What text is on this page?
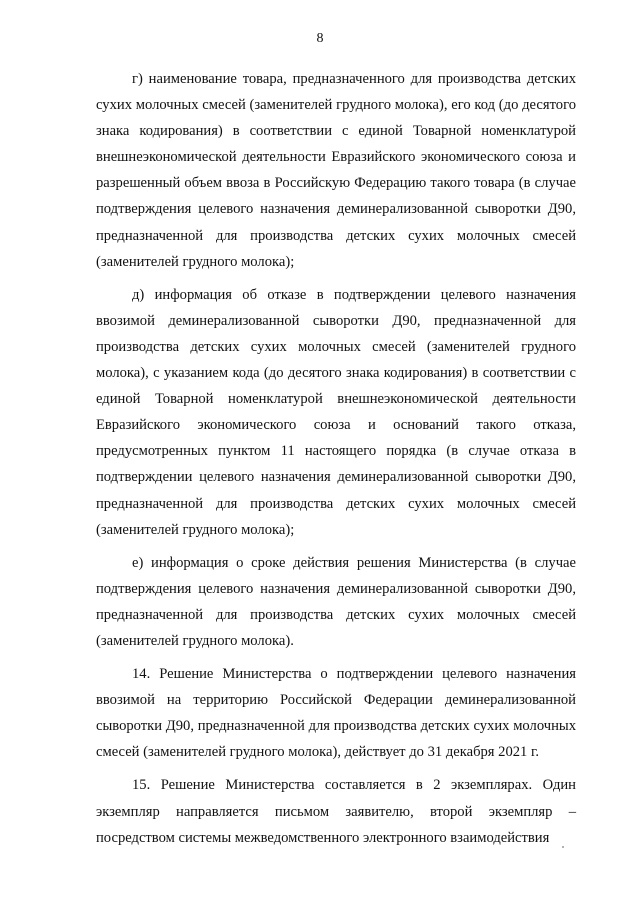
8

г) наименование товара, предназначенного для производства детских сухих молочных смесей (заменителей грудного молока), его код (до десятого знака кодирования) в соответствии с единой Товарной номенклатурой внешнеэкономической деятельности Евразийского экономического союза и разрешенный объем ввоза в Российскую Федерацию такого товара (в случае подтверждения целевого назначения деминерализованной сыворотки Д90, предназначенной для производства детских сухих молочных смесей (заменителей грудного молока);

д) информация об отказе в подтверждении целевого назначения ввозимой деминерализованной сыворотки Д90, предназначенной для производства детских сухих молочных смесей (заменителей грудного молока), с указанием кода (до десятого знака кодирования) в соответствии с единой Товарной номенклатурой внешнеэкономической деятельности Евразийского экономического союза и оснований такого отказа, предусмотренных пунктом 11 настоящего порядка (в случае отказа в подтверждении целевого назначения деминерализованной сыворотки Д90, предназначенной для производства детских сухих молочных смесей (заменителей грудного молока);

е) информация о сроке действия решения Министерства (в случае подтверждения целевого назначения деминерализованной сыворотки Д90, предназначенной для производства детских сухих молочных смесей (заменителей грудного молока).

14. Решение Министерства о подтверждении целевого назначения ввозимой на территорию Российской Федерации деминерализованной сыворотки Д90, предназначенной для производства детских сухих молочных смесей (заменителей грудного молока), действует до 31 декабря 2021 г.

15. Решение Министерства составляется в 2 экземплярах. Один экземпляр направляется письмом заявителю, второй экземпляр – посредством системы межведомственного электронного взаимодействия
